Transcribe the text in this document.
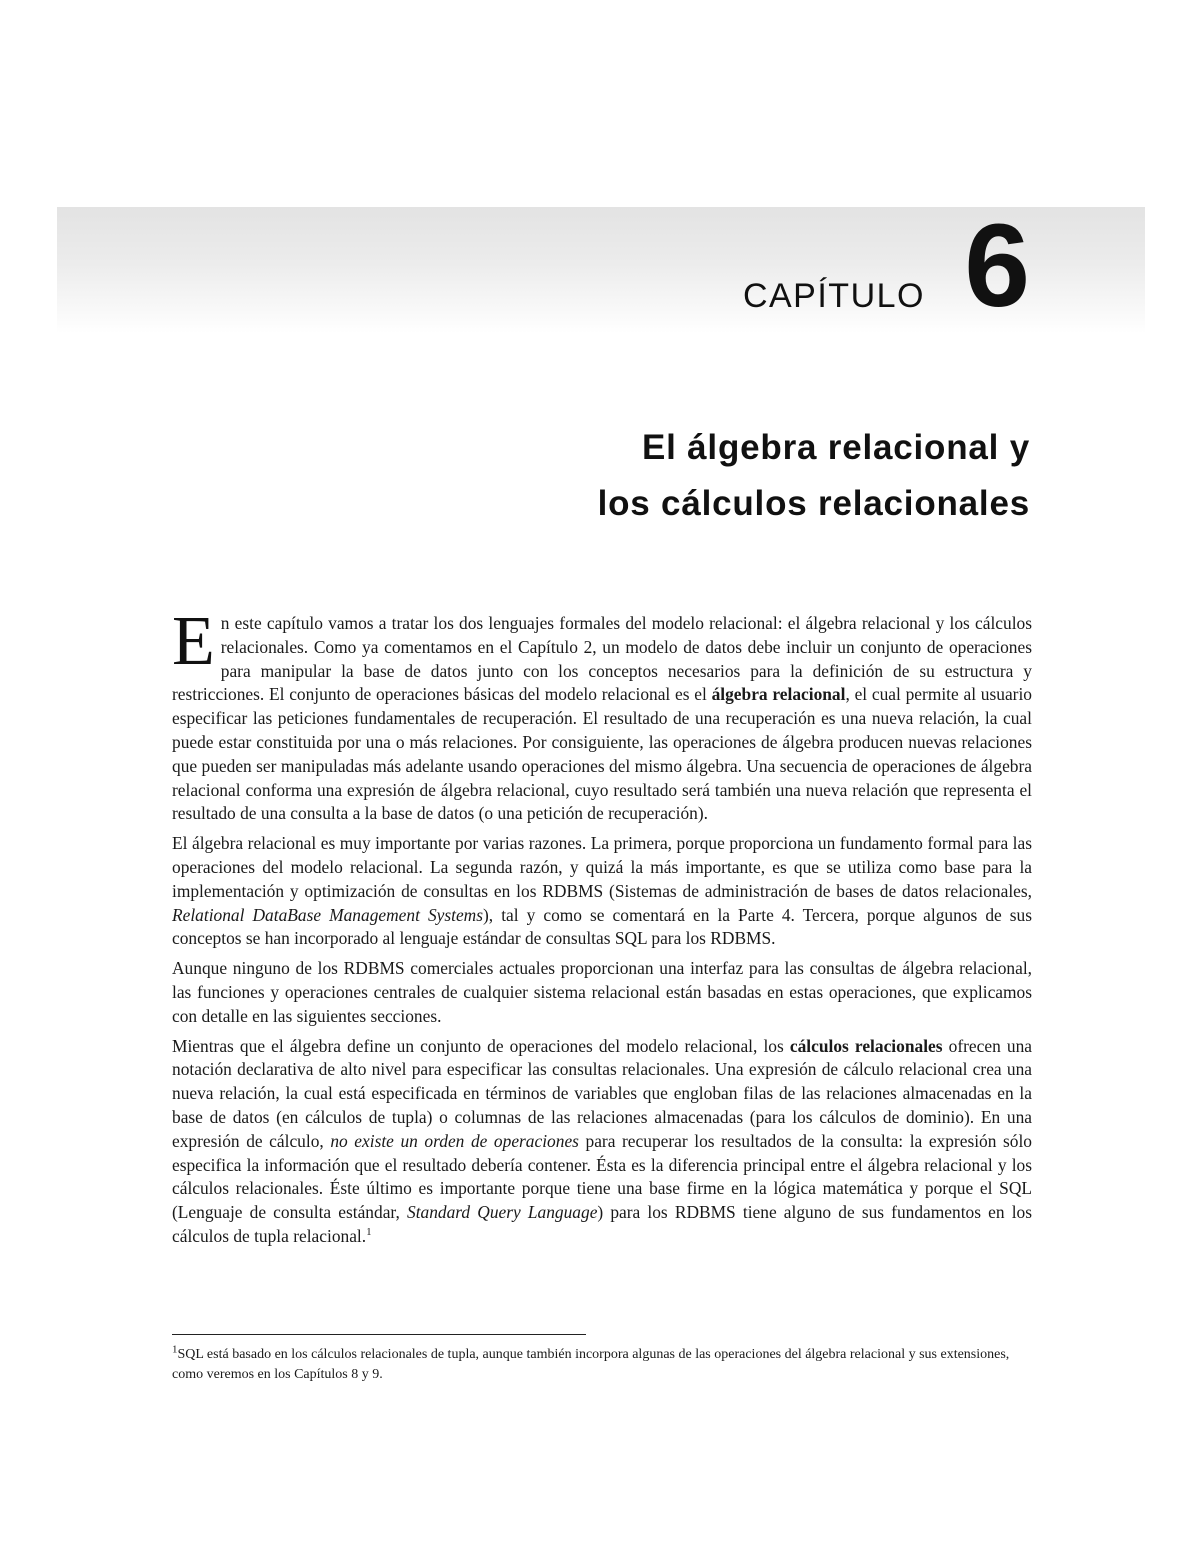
CAPÍTULO 6
El álgebra relacional y
los cálculos relacionales

En este capítulo vamos a tratar los dos lenguajes formales del modelo relacional: el álgebra relacional y los cálculos relacionales. Como ya comentamos en el Capítulo 2, un modelo de datos debe incluir un conjunto de operaciones para manipular la base de datos junto con los conceptos necesarios para la definición de su estructura y restricciones. El conjunto de operaciones básicas del modelo relacional es el álgebra relacional, el cual permite al usuario especificar las peticiones fundamentales de recuperación. El resultado de una recuperación es una nueva relación, la cual puede estar constituida por una o más relaciones. Por consiguiente, las operaciones de álgebra producen nuevas relaciones que pueden ser manipuladas más adelante usando operaciones del mismo álgebra. Una secuencia de operaciones de álgebra relacional conforma una expresión de álgebra relacional, cuyo resultado será también una nueva relación que representa el resultado de una consulta a la base de datos (o una petición de recuperación).

El álgebra relacional es muy importante por varias razones. La primera, porque proporciona un fundamento formal para las operaciones del modelo relacional. La segunda razón, y quizá la más importante, es que se utiliza como base para la implementación y optimización de consultas en los RDBMS (Sistemas de administración de bases de datos relacionales, Relational DataBase Management Systems), tal y como se comentará en la Parte 4. Tercera, porque algunos de sus conceptos se han incorporado al lenguaje estándar de consultas SQL para los RDBMS.

Aunque ninguno de los RDBMS comerciales actuales proporcionan una interfaz para las consultas de álgebra relacional, las funciones y operaciones centrales de cualquier sistema relacional están basadas en estas operaciones, que explicamos con detalle en las siguientes secciones.

Mientras que el álgebra define un conjunto de operaciones del modelo relacional, los cálculos relacionales ofrecen una notación declarativa de alto nivel para especificar las consultas relacionales. Una expresión de cálculo relacional crea una nueva relación, la cual está especificada en términos de variables que engloban filas de las relaciones almacenadas en la base de datos (en cálculos de tupla) o columnas de las relaciones almacenadas (para los cálculos de dominio). En una expresión de cálculo, no existe un orden de operaciones para recuperar los resultados de la consulta: la expresión sólo especifica la información que el resultado debería contener. Ésta es la diferencia principal entre el álgebra relacional y los cálculos relacionales. Éste último es importante porque tiene una base firme en la lógica matemática y porque el SQL (Lenguaje de consulta estándar, Standard Query Language) para los RDBMS tiene alguno de sus fundamentos en los cálculos de tupla relacional.$^1$

$^1$SQL está basado en los cálculos relacionales de tupla, aunque también incorpora algunas de las operaciones del álgebra relacional y sus extensiones, como veremos en los Capítulos 8 y 9.
